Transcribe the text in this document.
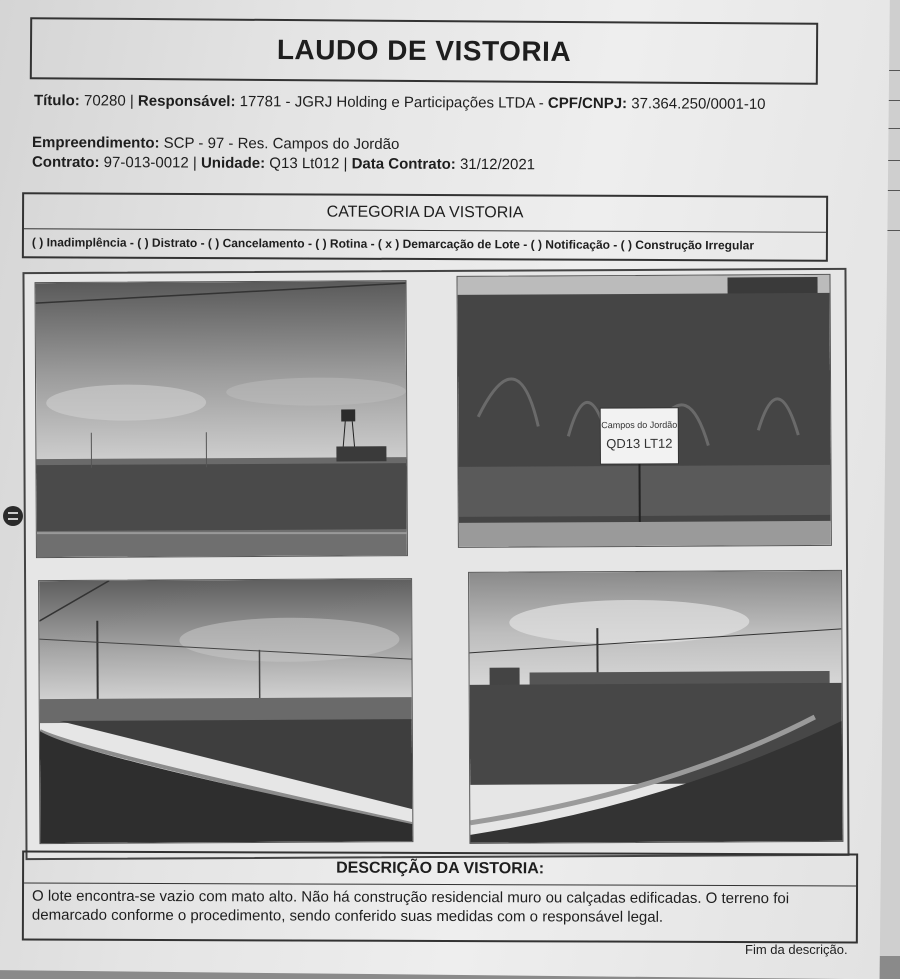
LAUDO DE VISTORIA
Título: 70280 | Responsável: 17781 - JGRJ Holding e Participações LTDA - CPF/CNPJ: 37.364.250/0001-10
Empreendimento: SCP - 97 - Res. Campos do Jordão
Contrato: 97-013-0012 | Unidade: Q13 Lt012 | Data Contrato: 31/12/2021
CATEGORIA DA VISTORIA
( ) Inadimplência - ( ) Distrato - ( ) Cancelamento - ( ) Rotina - ( x ) Demarcação de Lote - ( ) Notificação - ( ) Construção Irregular
Campos do Jordão
QD13 LT12
DESCRIÇÃO DA VISTORIA:
O lote encontra-se vazio com mato alto. Não há construção residencial muro ou calçadas edificadas. O terreno foi demarcado conforme o procedimento, sendo conferido suas medidas com o responsável legal.
Fim da descrição.
